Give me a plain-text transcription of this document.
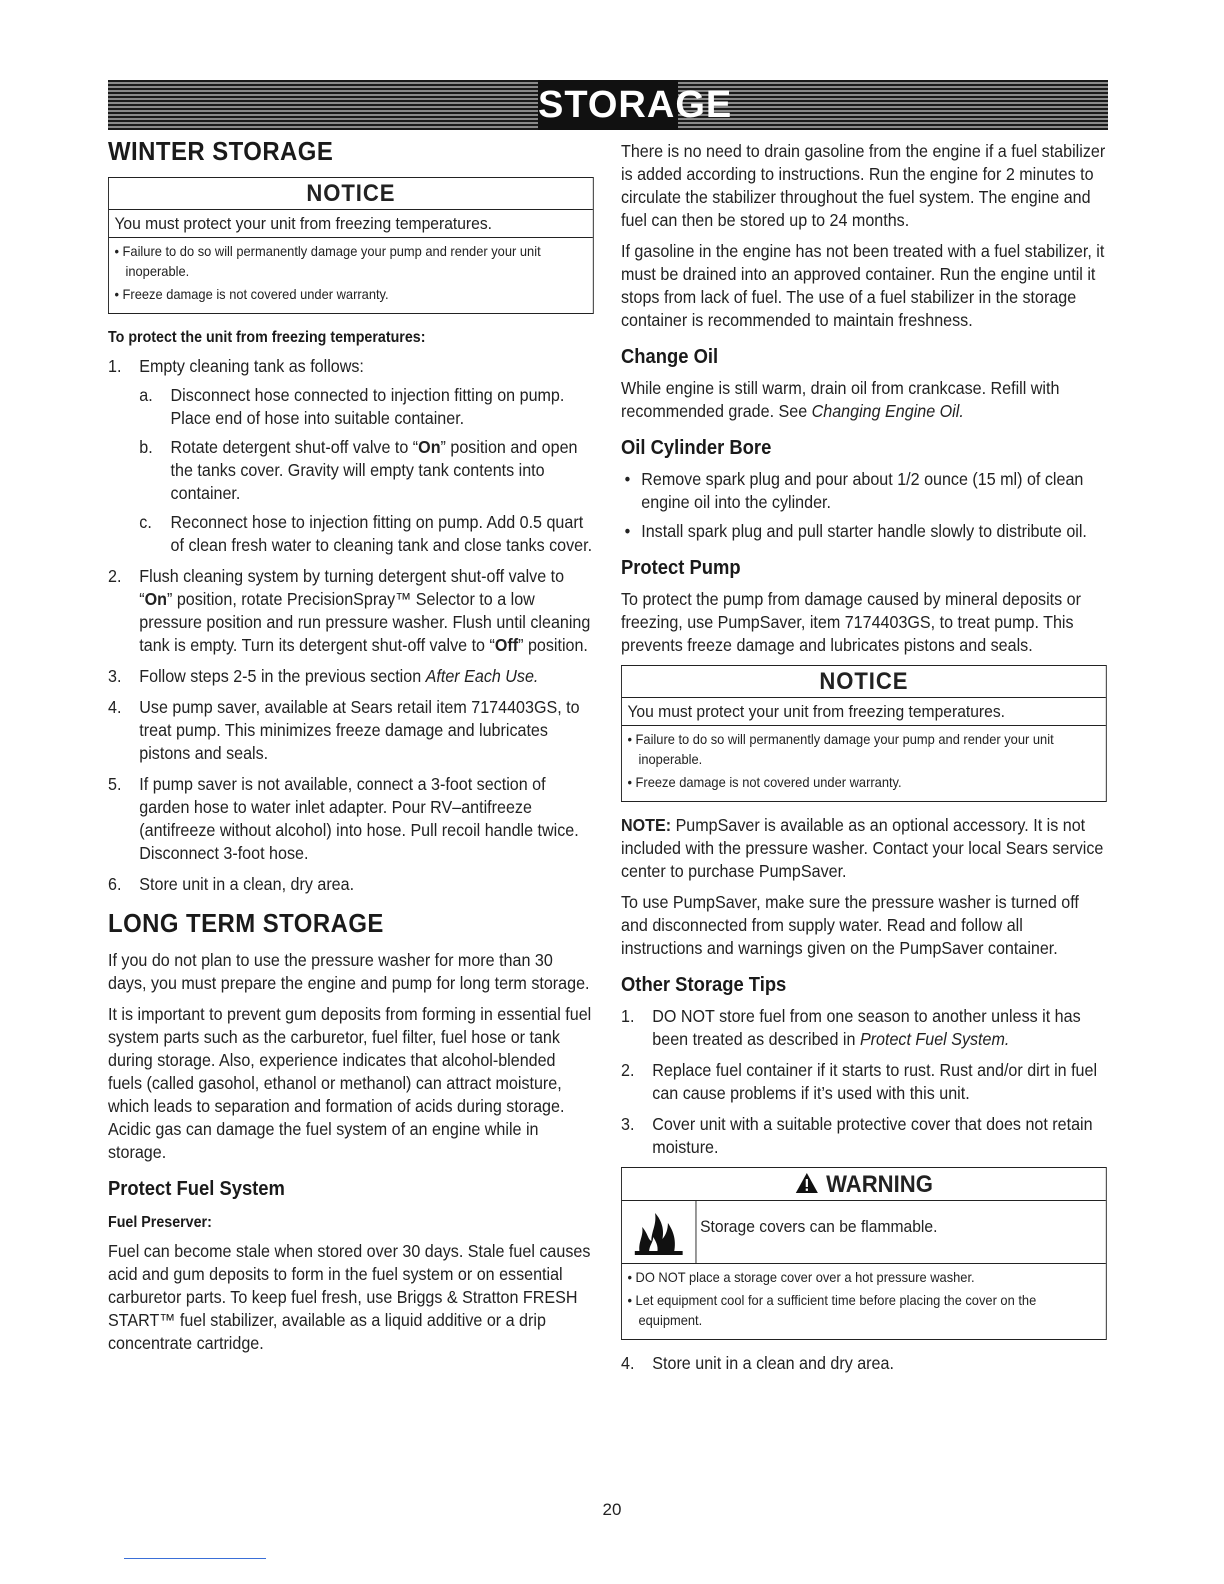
STORAGE
WINTER STORAGE
NOTICE
You must protect your unit from freezing temperatures.
• Failure to do so will permanently damage your pump and render your unit inoperable.
• Freeze damage is not covered under warranty.
To protect the unit from freezing temperatures:
1. Empty cleaning tank as follows:
a. Disconnect hose connected to injection fitting on pump. Place end of hose into suitable container.
b. Rotate detergent shut-off valve to “On” position and open the tanks cover. Gravity will empty tank contents into container.
c. Reconnect hose to injection fitting on pump. Add 0.5 quart of clean fresh water to cleaning tank and close tanks cover.
2. Flush cleaning system by turning detergent shut-off valve to “On” position, rotate PrecisionSpray™ Selector to a low pressure position and run pressure washer. Flush until cleaning tank is empty. Turn its detergent shut-off valve to “Off” position.
3. Follow steps 2-5 in the previous section After Each Use.
4. Use pump saver, available at Sears retail item 7174403GS, to treat pump. This minimizes freeze damage and lubricates pistons and seals.
5. If pump saver is not available, connect a 3-foot section of garden hose to water inlet adapter. Pour RV–antifreeze (antifreeze without alcohol) into hose. Pull recoil handle twice. Disconnect 3-foot hose.
6. Store unit in a clean, dry area.
LONG TERM STORAGE

If you do not plan to use the pressure washer for more than 30 days, you must prepare the engine and pump for long term storage.

It is important to prevent gum deposits from forming in essential fuel system parts such as the carburetor, fuel filter, fuel hose or tank during storage. Also, experience indicates that alcohol-blended fuels (called gasohol, ethanol or methanol) can attract moisture, which leads to separation and formation of acids during storage. Acidic gas can damage the fuel system of an engine while in storage.

Protect Fuel System
Fuel Preserver:

Fuel can become stale when stored over 30 days. Stale fuel causes acid and gum deposits to form in the fuel system or on essential carburetor parts. To keep fuel fresh, use Briggs & Stratton FRESH START™ fuel stabilizer, available as a liquid additive or a drip concentrate cartridge.

There is no need to drain gasoline from the engine if a fuel stabilizer is added according to instructions. Run the engine for 2 minutes to circulate the stabilizer throughout the fuel system. The engine and fuel can then be stored up to 24 months.

If gasoline in the engine has not been treated with a fuel stabilizer, it must be drained into an approved container. Run the engine until it stops from lack of fuel. The use of a fuel stabilizer in the storage container is recommended to maintain freshness.

Change Oil

While engine is still warm, drain oil from crankcase. Refill with recommended grade. See Changing Engine Oil.

Oil Cylinder Bore
• Remove spark plug and pour about 1/2 ounce (15 ml) of clean engine oil into the cylinder.
• Install spark plug and pull starter handle slowly to distribute oil.
Protect Pump

To protect the pump from damage caused by mineral deposits or freezing, use PumpSaver, item 7174403GS, to treat pump. This prevents freeze damage and lubricates pistons and seals.

NOTICE
You must protect your unit from freezing temperatures.
• Failure to do so will permanently damage your pump and render your unit inoperable.
• Freeze damage is not covered under warranty.

NOTE: PumpSaver is available as an optional accessory. It is not included with the pressure washer. Contact your local Sears service center to purchase PumpSaver.

To use PumpSaver, make sure the pressure washer is turned off and disconnected from supply water. Read and follow all instructions and warnings given on the PumpSaver container.

Other Storage Tips
1. DO NOT store fuel from one season to another unless it has been treated as described in Protect Fuel System.
2. Replace fuel container if it starts to rust. Rust and/or dirt in fuel can cause problems if it’s used with this unit.
3. Cover unit with a suitable protective cover that does not retain moisture.
WARNING
Storage covers can be flammable.
• DO NOT place a storage cover over a hot pressure washer.
• Let equipment cool for a sufficient time before placing the cover on the equipment.
4. Store unit in a clean and dry area.
20
